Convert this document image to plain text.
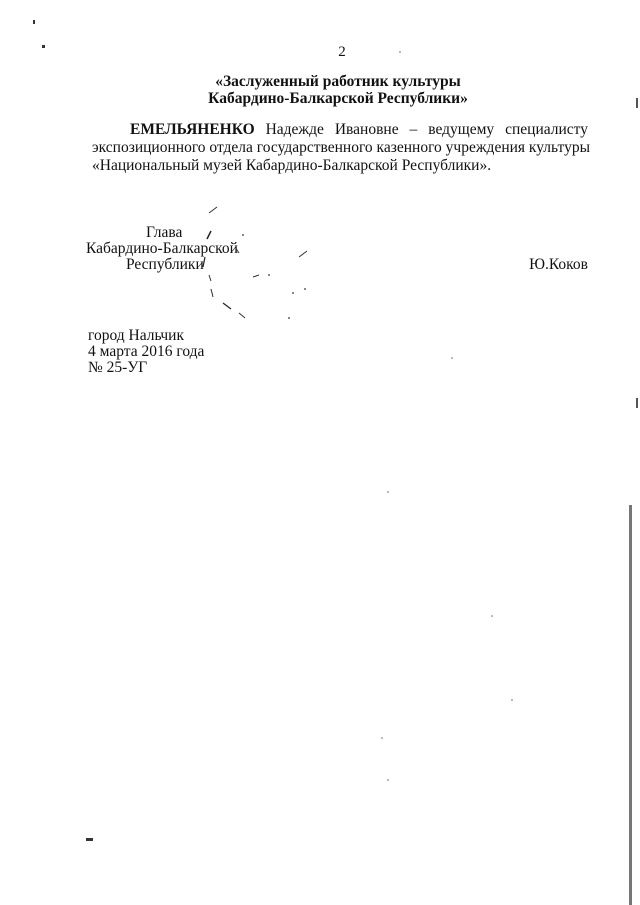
2
«Заслуженный работник культуры
Кабардино-Балкарской Республики»
ЕМЕЛЬЯНЕНКО Надежде Ивановне – ведущему специалисту
экспозиционного отдела государственного казенного учреждения культуры
«Национальный музей Кабардино-Балкарской Республики».
Глава
Кабардино-Балкарской
Республики	Ю.Коков
город Нальчик
4 марта 2016 года
№ 25-УГ
